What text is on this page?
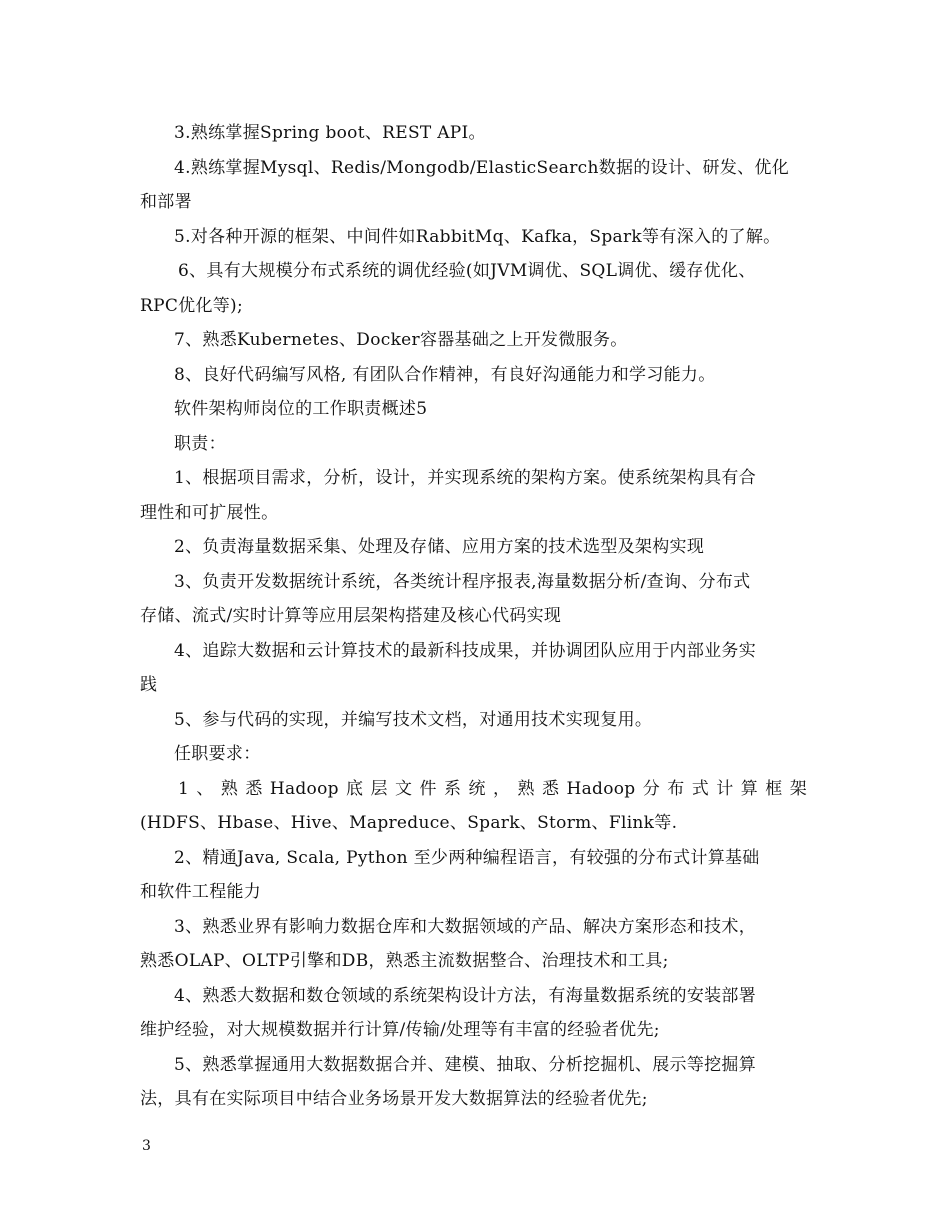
3.熟练掌握Spring boot、REST API。
4.熟练掌握Mysql、Redis/Mongodb/ElasticSearch数据的设计、研发、优化
和部署
5.对各种开源的框架、中间件如RabbitMq、Kafka，Spark等有深入的了解。
6、具有大规模分布式系统的调优经验(如JVM调优、SQL调优、缓存优化、
RPC优化等);
7、熟悉Kubernetes、Docker容器基础之上开发微服务。
8、良好代码编写风格, 有团队合作精神，有良好沟通能力和学习能力。
软件架构师岗位的工作职责概述5
职责：
1、根据项目需求，分析，设计，并实现系统的架构方案。使系统架构具有合
理性和可扩展性。
2、负责海量数据采集、处理及存储、应用方案的技术选型及架构实现
3、负责开发数据统计系统，各类统计程序报表,海量数据分析/查询、分布式
存储、流式/实时计算等应用层架构搭建及核心代码实现
4、追踪大数据和云计算技术的最新科技成果，并协调团队应用于内部业务实
践
5、参与代码的实现，并编写技术文档，对通用技术实现复用。
任职要求：
1 、 熟 悉 Hadoop 底 层 文 件 系 统 ， 熟 悉 Hadoop 分 布 式 计 算 框 架
(HDFS、Hbase、Hive、Mapreduce、Spark、Storm、Flink等.
2、精通Java, Scala, Python 至少两种编程语言，有较强的分布式计算基础
和软件工程能力
3、熟悉业界有影响力数据仓库和大数据领域的产品、解决方案形态和技术，
熟悉OLAP、OLTP引擎和DB，熟悉主流数据整合、治理技术和工具;
4、熟悉大数据和数仓领域的系统架构设计方法，有海量数据系统的安装部署
维护经验，对大规模数据并行计算/传输/处理等有丰富的经验者优先;
5、熟悉掌握通用大数据数据合并、建模、抽取、分析挖掘机、展示等挖掘算
法，具有在实际项目中结合业务场景开发大数据算法的经验者优先;
3
